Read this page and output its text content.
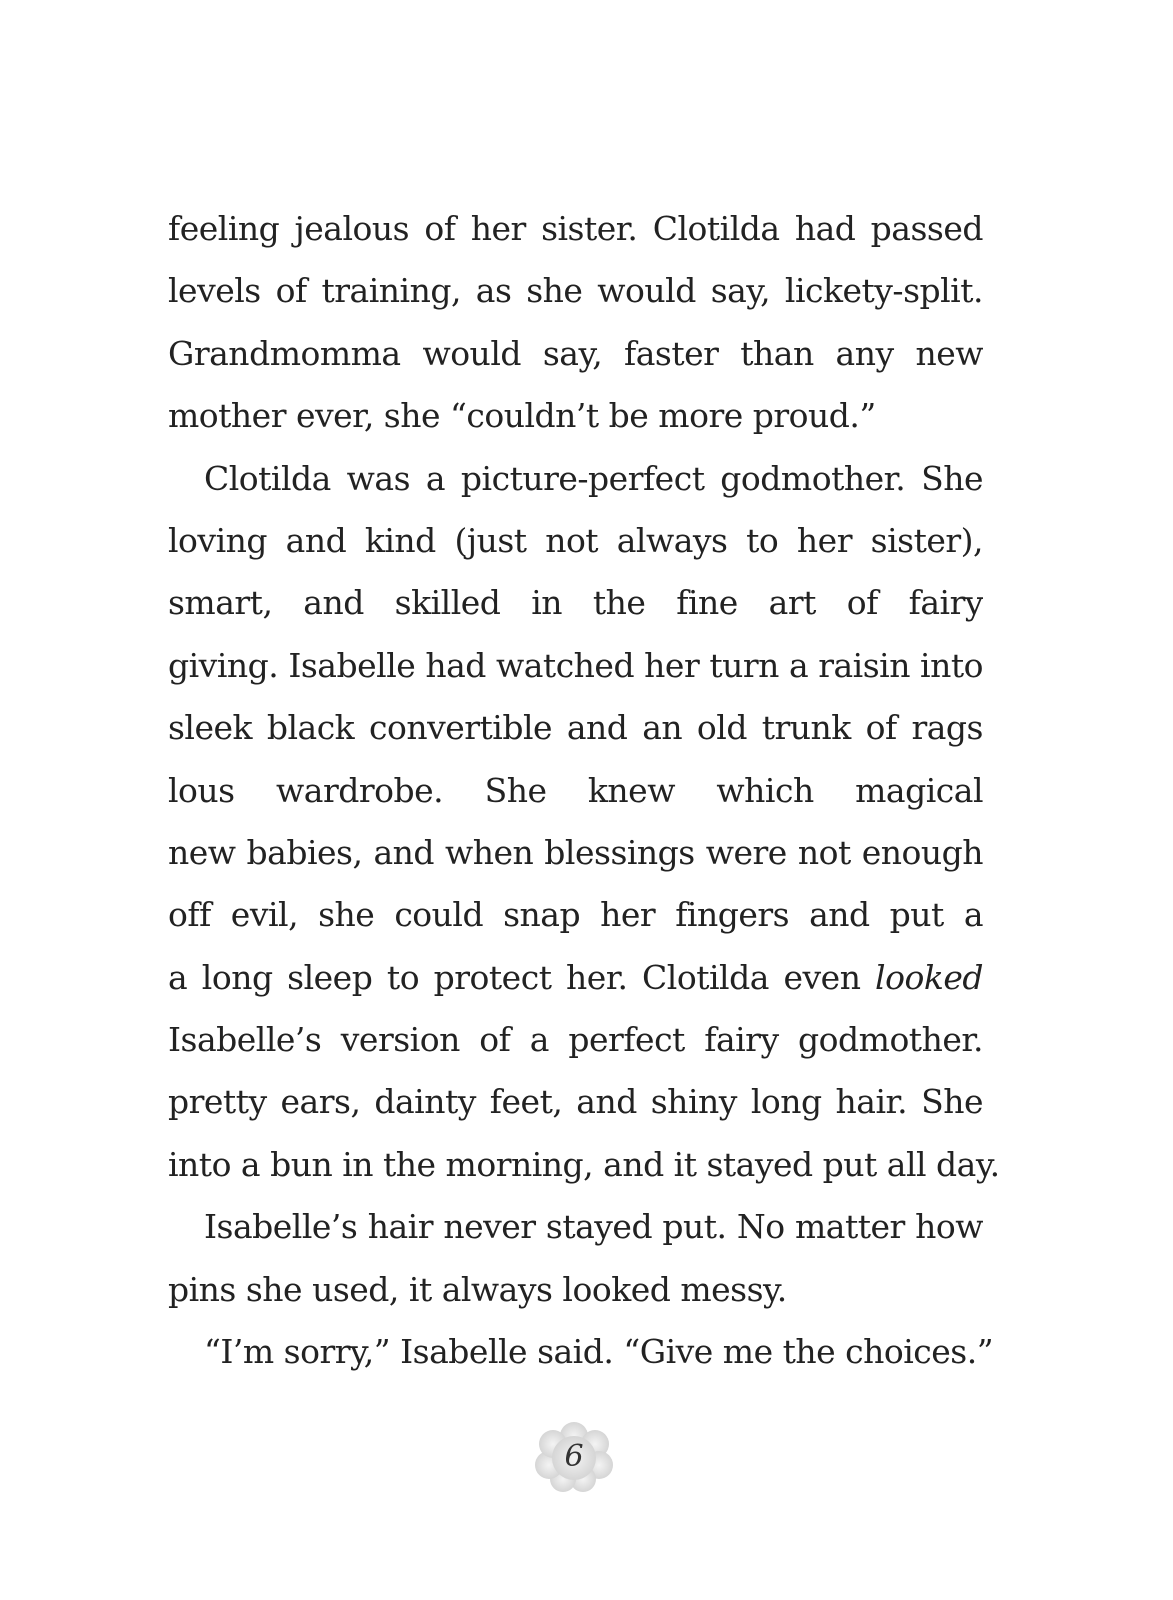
feeling jealous of her sister. Clotilda had passed
levels of training, as she would say, lickety-split.
Grandmomma would say, faster than any new
mother ever, she “couldn’t be more proud.”
Clotilda was a picture-perfect godmother. She
loving and kind (just not always to her sister),
smart, and skilled in the fine art of fairy
giving. Isabelle had watched her turn a raisin into
sleek black convertible and an old trunk of rags
lous wardrobe. She knew which magical
new babies, and when blessings were not enough
off evil, she could snap her fingers and put a
a long sleep to protect her. Clotilda even looked
Isabelle’s version of a perfect fairy godmother.
pretty ears, dainty feet, and shiny long hair. She
into a bun in the morning, and it stayed put all day.
Isabelle’s hair never stayed put. No matter how
pins she used, it always looked messy.
“I’m sorry,” Isabelle said. “Give me the choices.”
6
